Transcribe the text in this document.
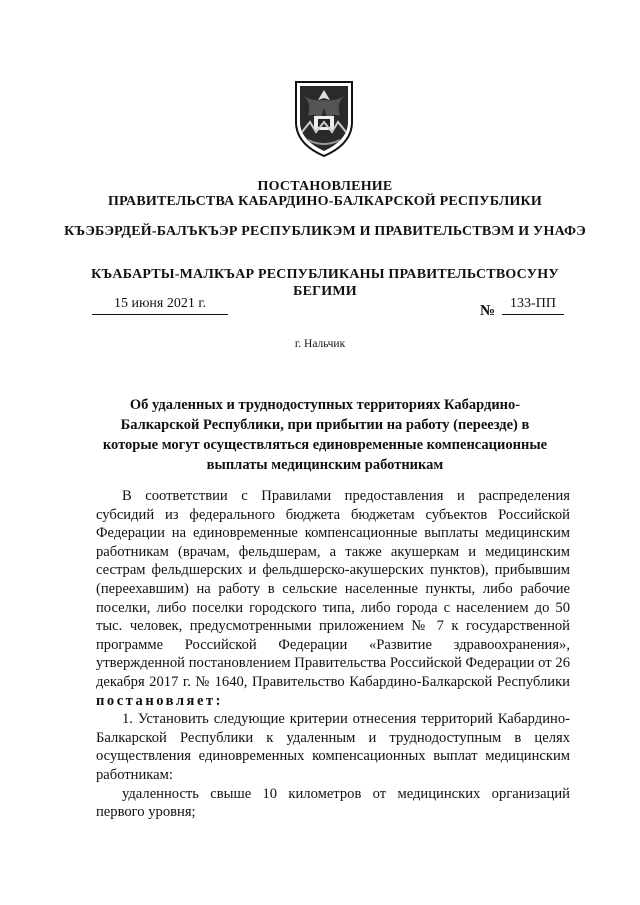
ПОСТАНОВЛЕНИЕ
ПРАВИТЕЛЬСТВА КАБАРДИНО-БАЛКАРСКОЙ РЕСПУБЛИКИ
КЪЭБЭРДЕЙ-БАЛЪКЪЭР РЕСПУБЛИКЭМ И ПРАВИТЕЛЬСТВЭМ И УНАФЭ
КЪАБАРТЫ-МАЛКЪАР РЕСПУБЛИКАНЫ ПРАВИТЕЛЬСТВОСУНУ БЕГИМИ
15 июня 2021 г.	№	133-ПП
г. Нальчик
Об удаленных и труднодоступных территориях Кабардино-Балкарской Республики, при прибытии на работу (переезде) в которые могут осуществляться единовременные компенсационные выплаты медицинским работникам

В соответствии с Правилами предоставления и распределения субсидий из федерального бюджета бюджетам субъектов Российской Федерации на единовременные компенсационные выплаты медицинским работникам (врачам, фельдшерам, а также акушеркам и медицинским сестрам фельдшерских и фельдшерско-акушерских пунктов), прибывшим (переехавшим) на работу в сельские населенные пункты, либо рабочие поселки, либо поселки городского типа, либо города с населением до 50 тыс. человек, предусмотренными приложением № 7 к государственной программе Российской Федерации «Развитие здравоохранения», утвержденной постановлением Правительства Российской Федерации от 26 декабря 2017 г. № 1640, Правительство Кабардино-Балкарской Республики постановляет:

1. Установить следующие критерии отнесения территорий Кабардино-Балкарской Республики к удаленным и труднодоступным в целях осуществления единовременных компенсационных выплат медицинским работникам:

удаленность свыше 10 километров от медицинских организаций первого уровня;
